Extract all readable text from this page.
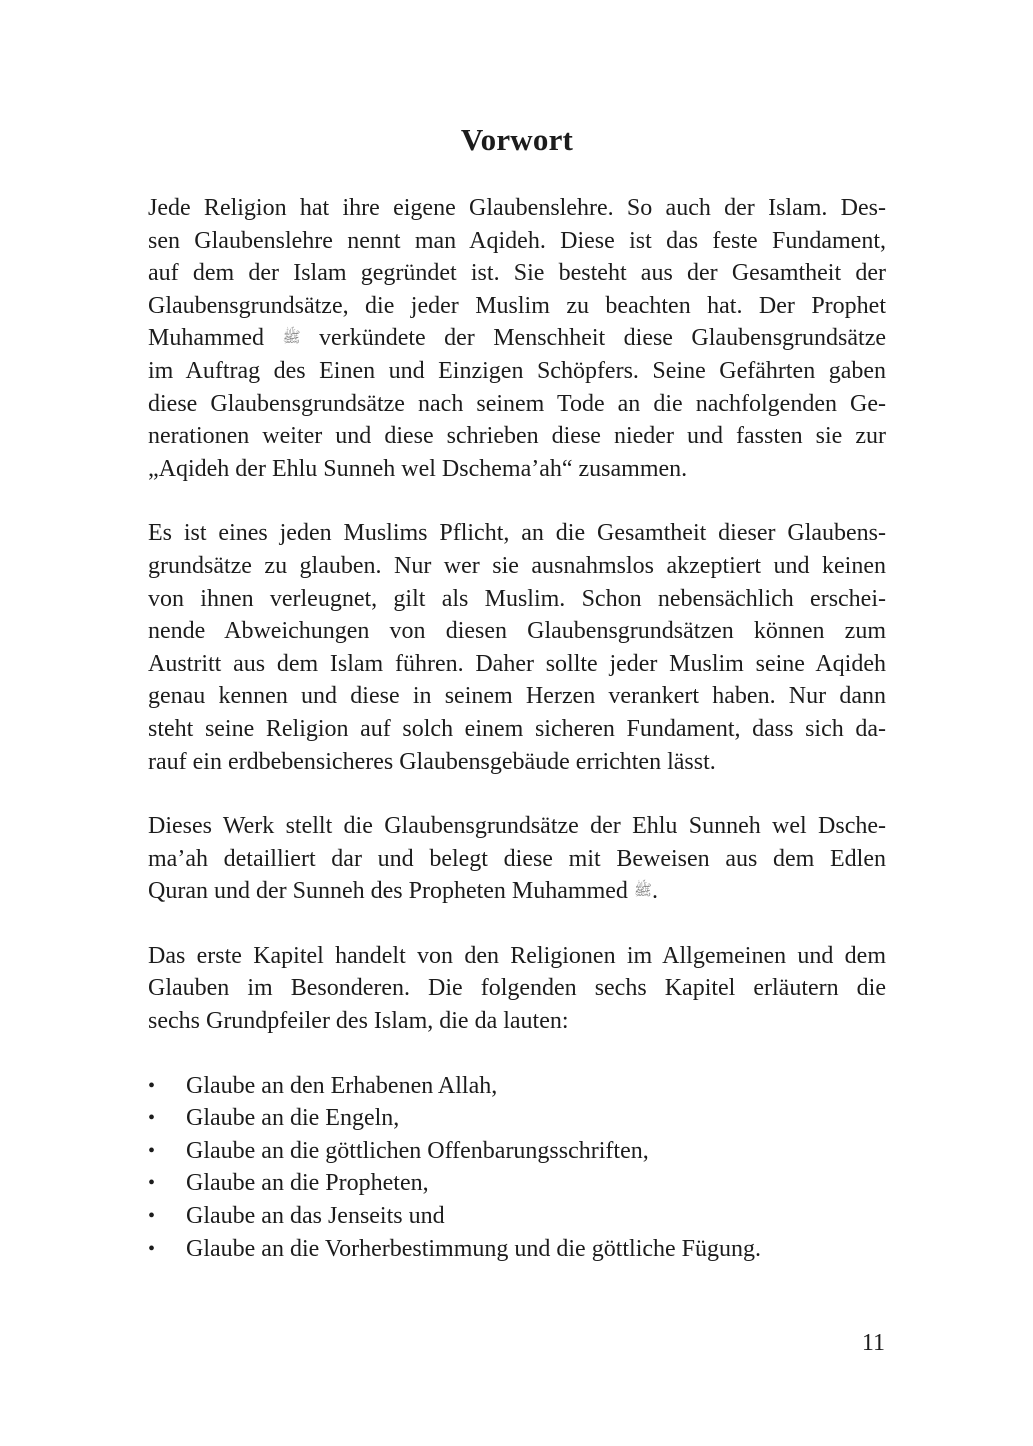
Vorwort

Jede Religion hat ihre eigene Glaubenslehre. So auch der Islam. Des-
sen Glaubenslehre nennt man Aqideh. Diese ist das feste Fundament,
auf dem der Islam gegründet ist. Sie besteht aus der Gesamtheit der
Glaubensgrundsätze, die jeder Muslim zu beachten hat. Der Prophet
Muhammed ﷺ verkündete der Menschheit diese Glaubensgrundsätze
im Auftrag des Einen und Einzigen Schöpfers. Seine Gefährten gaben
diese Glaubensgrundsätze nach seinem Tode an die nachfolgenden Ge-
nerationen weiter und diese schrieben diese nieder und fassten sie zur
„Aqideh der Ehlu Sunneh wel Dschema’ah“ zusammen.

Es ist eines jeden Muslims Pflicht, an die Gesamtheit dieser Glaubens-
grundsätze zu glauben. Nur wer sie ausnahmslos akzeptiert und keinen
von ihnen verleugnet, gilt als Muslim. Schon nebensächlich erschei-
nende Abweichungen von diesen Glaubensgrundsätzen können zum
Austritt aus dem Islam führen. Daher sollte jeder Muslim seine Aqideh
genau kennen und diese in seinem Herzen verankert haben. Nur dann
steht seine Religion auf solch einem sicheren Fundament, dass sich da-
rauf ein erdbebensicheres Glaubensgebäude errichten lässt.

Dieses Werk stellt die Glaubensgrundsätze der Ehlu Sunneh wel Dsche-
ma’ah detailliert dar und belegt diese mit Beweisen aus dem Edlen
Quran und der Sunneh des Propheten Muhammed ﷺ.

Das erste Kapitel handelt von den Religionen im Allgemeinen und dem
Glauben im Besonderen. Die folgenden sechs Kapitel erläutern die
sechs Grundpfeiler des Islam, die da lauten:

• Glaube an den Erhabenen Allah,
• Glaube an die Engeln,
• Glaube an die göttlichen Offenbarungsschriften,
• Glaube an die Propheten,
• Glaube an das Jenseits und
• Glaube an die Vorherbestimmung und die göttliche Fügung.
11
